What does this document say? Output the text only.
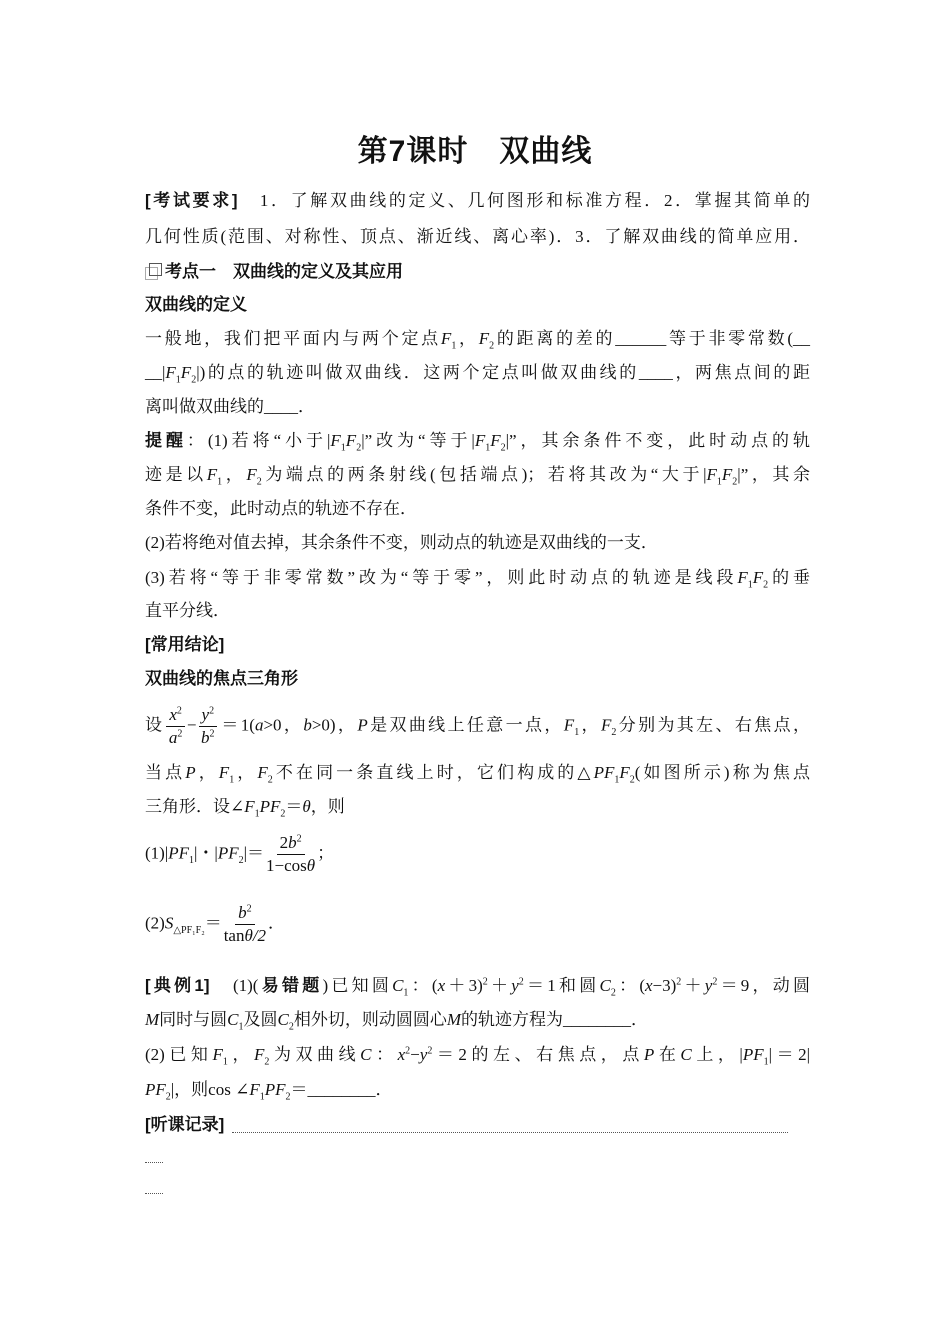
第7课时　双曲线
[考试要求]　1．了解双曲线的定义、几何图形和标准方程．2．掌握其简单的
几何性质(范围、对称性、顶点、渐近线、离心率)．3．了解双曲线的简单应用．
考点一　双曲线的定义及其应用
双曲线的定义
一般地，我们把平面内与两个定点$F_1$，$F_2$的距离的差的______等于非零常数(__
$\_\_|F_1F_2|$)的点的轨迹叫做双曲线．这两个定点叫做双曲线的____，两焦点间的距
离叫做双曲线的____．
提醒：(1)若将“小于$|F_1F_2|$”改为“等于$|F_1F_2|$”，其余条件不变，此时动点的轨
迹是以$F_1$，$F_2$为端点的两条射线(包括端点)；若将其改为“大于$|F_1F_2|$”，其余
条件不变，此时动点的轨迹不存在．
(2)若将绝对值去掉，其余条件不变，则动点的轨迹是双曲线的一支．
(3)若将“等于非零常数”改为“等于零”，则此时动点的轨迹是线段$F_1F_2$的垂
直平分线．
[常用结论]
双曲线的焦点三角形
设 $\frac{x^2}{a^2} - \frac{y^2}{b^2} =1(a>0$，b>0)，P是双曲线上任意一点，$F_1$，$F_2$分别为其左、右焦点，
当点P，$F_1$，$F_2$不在同一条直线上时，它们构成的$\triangle PF_1F_2$(如图所示)称为焦点
三角形．设$\angle F_1PF_2=\theta$，则
$(1)|PF_1|$・$|PF_2|= \frac{2b^2}{1-\cos\theta}$ ；
$(2)S_{\triangle PF_1F_2}= \frac{b^2}{\tan\theta/2}$ ．
[典例1]　(1)(易错题)已知圆$C_1$：$(x+3)^2+y^2=1$和圆$C_2$：$(x-3)^2+y^2=9$，动圆
M同时与圆$C_1$及圆$C_2$相外切，则动圆圆心M的轨迹方程为________．
(2)已知$F_1$，$F_2$为双曲线C：$x^2-y^2=2$的左、右焦点，点P在C上，$|PF_1|=2|$
$PF_2|$，则$\cos \angle F_1PF_2=\_\_\_\_\_\_\_\_$．
[听课记录]
